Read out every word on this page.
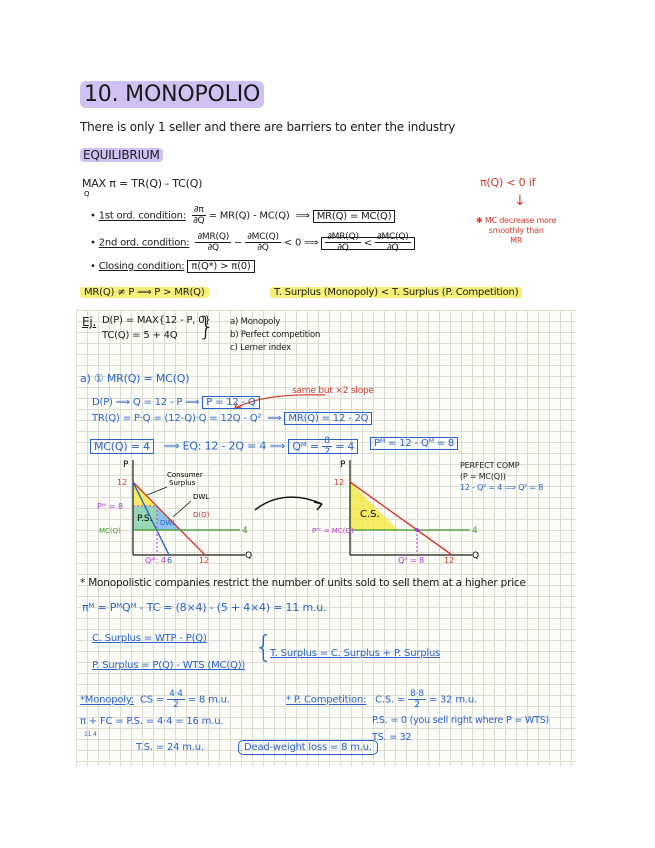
10. MONOPOLIO
There is only 1 seller and there are barriers to enter the industry
EQUILIBRIUM
MAX π = TR(Q) - TC(Q)
Q
• 1st ord. condition: $\frac{\partial\pi}{\partial Q} = MR(Q) - MC(Q)$  ⟹ MR(Q) = MC(Q)
• 2nd ord. condition: $\frac{\partial MR(Q)}{\partial Q} - \frac{\partial MC(Q)}{\partial Q} < 0$ ⟹ $\frac{\partial MR(Q)}{\partial Q} < \frac{\partial MC(Q)}{\partial Q}$
• Closing condition: π(Q*) > π(0)
π(Q) < 0 if
↓
✱ MC decrease more
smoothly than
MR
MR(Q) ≠ P ⟹ P > MR(Q)	T. Surplus (Monopoly) < T. Surplus (P. Competition)
Ej. D(P) = MAX{12 - P, 0}
TC(Q) = 5 + 4Q } a) Monopoly
b) Perfect competition
c) Lerner index
a) ① MR(Q) = MC(Q)
same but ×2 slope
D(P) ⟹ Q = 12 - P ⟹ P = 12 - Q
TR(Q) = P·Q = (12-Q)·Q = 12Q - Q² ⟹ MR(Q) = 12 - 2Q
MC(Q) = 4 ⟹ EQ: 12 - 2Q = 4 ⟹ Qᴹ = $\frac{8}{2} = 4$	Pᴹ = 12 - Qᴹ = 8
P
Q
12
Pᴹ = 8
MC(Q)	4
Qᴹ: 4 6	12
P.S. DWL
D(Q)
Consumer
Surplus
DWL
P
Q
12
Pᴾᶜ = MC(Q)	4
Qᴾ = 8 12
C.S.
PERFECT COMP
(P = MC(Q))
12 - Qᴾ = 4 ⟹ Qᴾ = 8
* Monopolistic companies restrict the number of units sold to sell them at a higher price
πᴹ = PᴹQᴹ - TC = (8×4) - (5 + 4×4) = 11 m.u.
C. Surplus = WTP - P(Q)
P. Surplus = P(Q) - WTS (MC(Q))
{
T. Surplus = C. Surplus + P. Surplus
*Monopoly: CS = $\frac{4\cdot 4}{2} = 8$ m.u.	* P. Competition: C.S. = $\frac{8\cdot 8}{2} = 32$ m.u.
π + FC = P.S. = 4·4 = 16 m.u.
11 4
T.S. = 24 m.u.	Dead-weight loss = 8 m.u.
P.S. = 0 (you sell right where P = WTS)
TS. = 32
